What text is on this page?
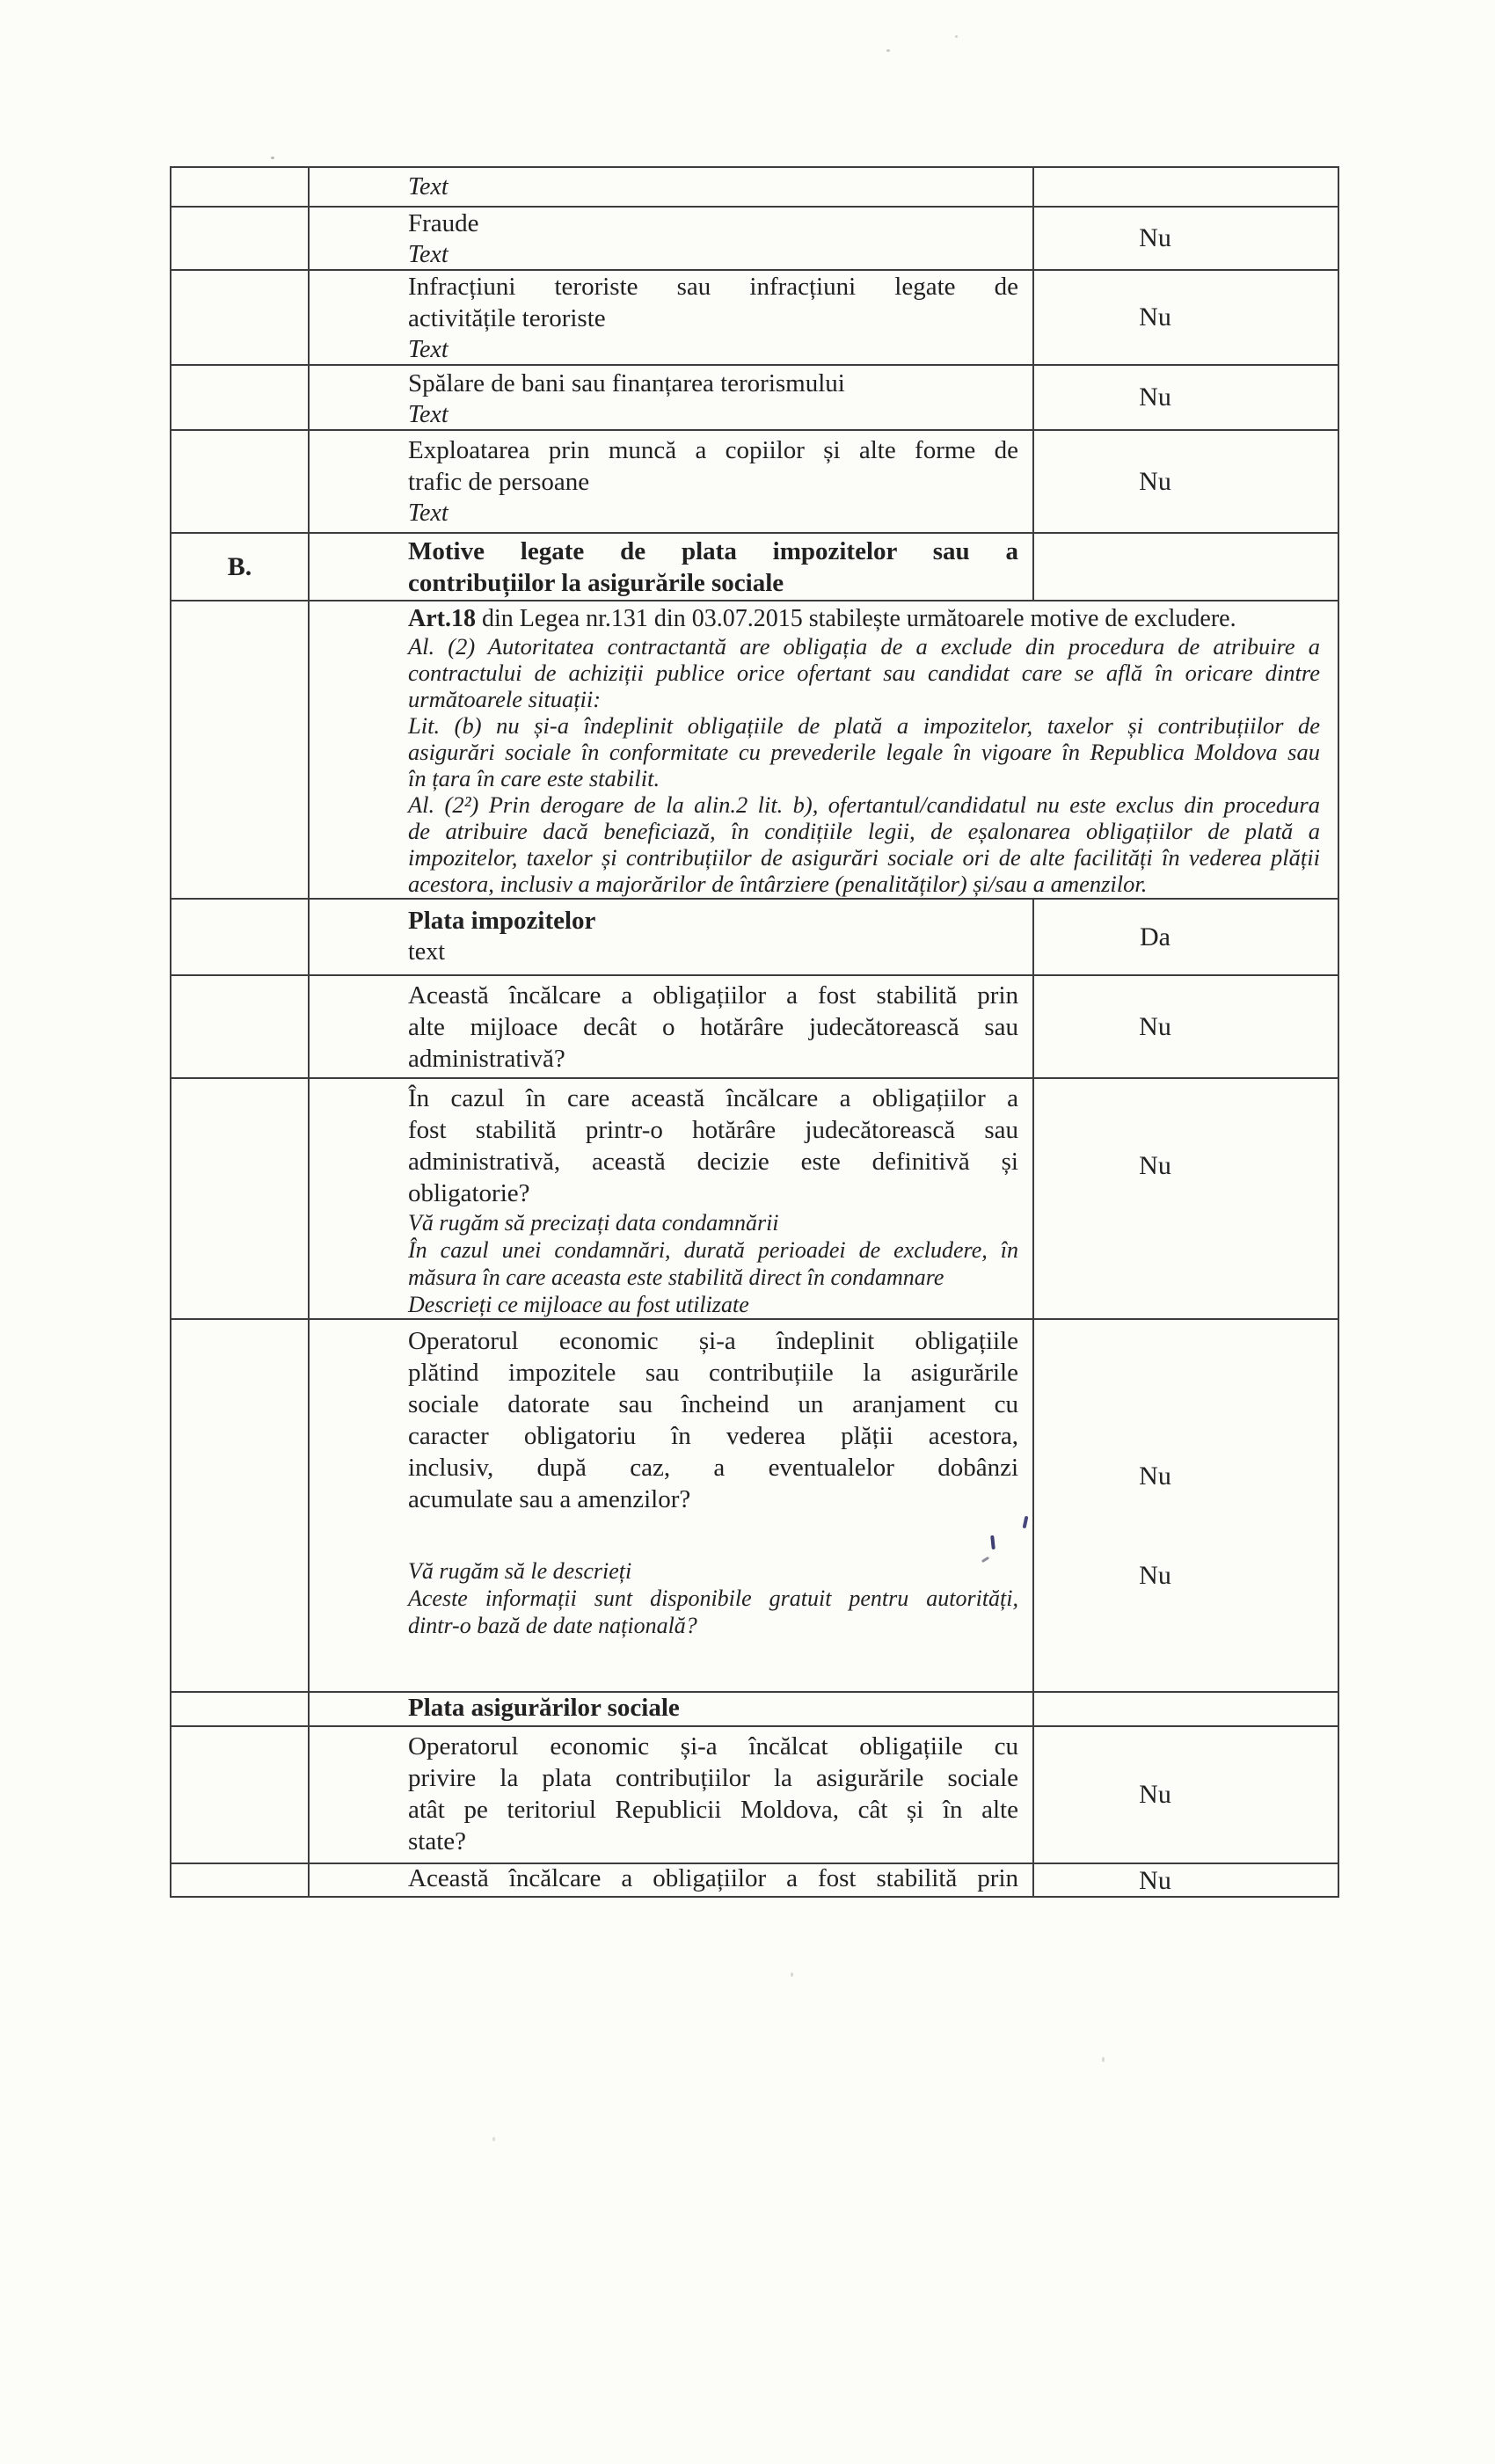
Text
Fraude
Text
Nu
Infracțiuni teroriste sau infracțiuni legate de
activitățile teroriste
Text
Nu
Spălare de bani sau finanțarea terorismului
Text
Nu
Exploatarea prin muncă a copiilor și alte forme de
trafic de persoane
Text
Nu
B.
Motive legate de plata impozitelor sau a
contribuțiilor la asigurările sociale
Art.18 din Legea nr.131 din 03.07.2015 stabilește următoarele motive de excludere.
Al. (2) Autoritatea contractantă are obligația de a exclude din procedura de atribuire a
contractului de achiziții publice orice ofertant sau candidat care se află în oricare dintre
următoarele situații:
Lit. (b) nu și-a îndeplinit obligațiile de plată a impozitelor, taxelor și contribuțiilor de
asigurări sociale în conformitate cu prevederile legale în vigoare în Republica Moldova sau
în țara în care este stabilit.
Al. (2²) Prin derogare de la alin.2 lit. b), ofertantul/candidatul nu este exclus din procedura
de atribuire dacă beneficiază, în condițiile legii, de eșalonarea obligațiilor de plată a
impozitelor, taxelor și contribuțiilor de asigurări sociale ori de alte facilități în vederea plății
acestora, inclusiv a majorărilor de întârziere (penalităților) și/sau a amenzilor.
Plata impozitelor
text
Da
Această încălcare a obligațiilor a fost stabilită prin
alte mijloace decât o hotărâre judecătorească sau
administrativă?
Nu
În cazul în care această încălcare a obligațiilor a
fost stabilită printr-o hotărâre judecătorească sau
administrativă, această decizie este definitivă și
obligatorie?
Vă rugăm să precizați data condamnării
În cazul unei condamnări, durată perioadei de excludere, în
măsura în care aceasta este stabilită direct în condamnare
Descrieți ce mijloace au fost utilizate
Nu
Operatorul economic și-a îndeplinit obligațiile
plătind impozitele sau contribuțiile la asigurările
sociale datorate sau încheind un aranjament cu
caracter obligatoriu în vederea plății acestora,
inclusiv, după caz, a eventualelor dobânzi
acumulate sau a amenzilor?
Vă rugăm să le descrieți
Aceste informații sunt disponibile gratuit pentru autorități,
dintr-o bază de date națională?
Nu
Nu
Plata asigurărilor sociale
Operatorul economic și-a încălcat obligațiile cu
privire la plata contribuțiilor la asigurările sociale
atât pe teritoriul Republicii Moldova, cât și în alte
state?
Nu
Această încălcare a obligațiilor a fost stabilită prin	Nu
